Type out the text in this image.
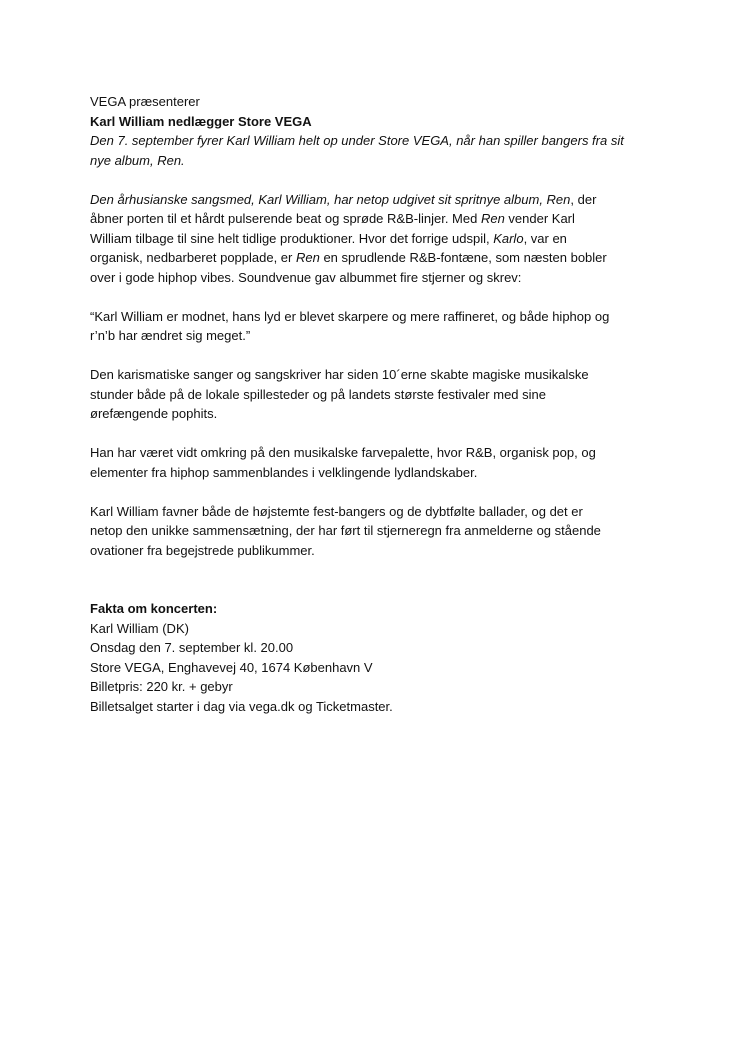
VEGA præsenterer
Karl William nedlægger Store VEGA
Den 7. september fyrer Karl William helt op under Store VEGA, når han spiller bangers fra sit
nye album, Ren.
Den århusianske sangsmed, Karl William, har netop udgivet sit spritnye album, Ren, der
åbner porten til et hårdt pulserende beat og sprøde R&B-linjer. Med Ren vender Karl
William tilbage til sine helt tidlige produktioner. Hvor det forrige udspil, Karlo, var en
organisk, nedbarberet popplade, er Ren en sprudlende R&B-fontæne, som næsten bobler
over i gode hiphop vibes. Soundvenue gav albummet fire stjerner og skrev:
“Karl William er modnet, hans lyd er blevet skarpere og mere raffineret, og både hiphop og
r’n’b har ændret sig meget.”
Den karismatiske sanger og sangskriver har siden 10´erne skabte magiske musikalske
stunder både på de lokale spillesteder og på landets største festivaler med sine
ørefængende pophits.
Han har været vidt omkring på den musikalske farvepalette, hvor R&B, organisk pop, og
elementer fra hiphop sammenblandes i velklingende lydlandskaber.
Karl William favner både de højstemte fest-bangers og de dybtfølte ballader, og det er
netop den unikke sammensætning, der har ført til stjerneregn fra anmelderne og stående
ovationer fra begejstrede publikummer.
Fakta om koncerten:
Karl William (DK)
Onsdag den 7. september kl. 20.00
Store VEGA, Enghavevej 40, 1674 København V
Billetpris: 220 kr. + gebyr
Billetsalget starter i dag via vega.dk og Ticketmaster.
